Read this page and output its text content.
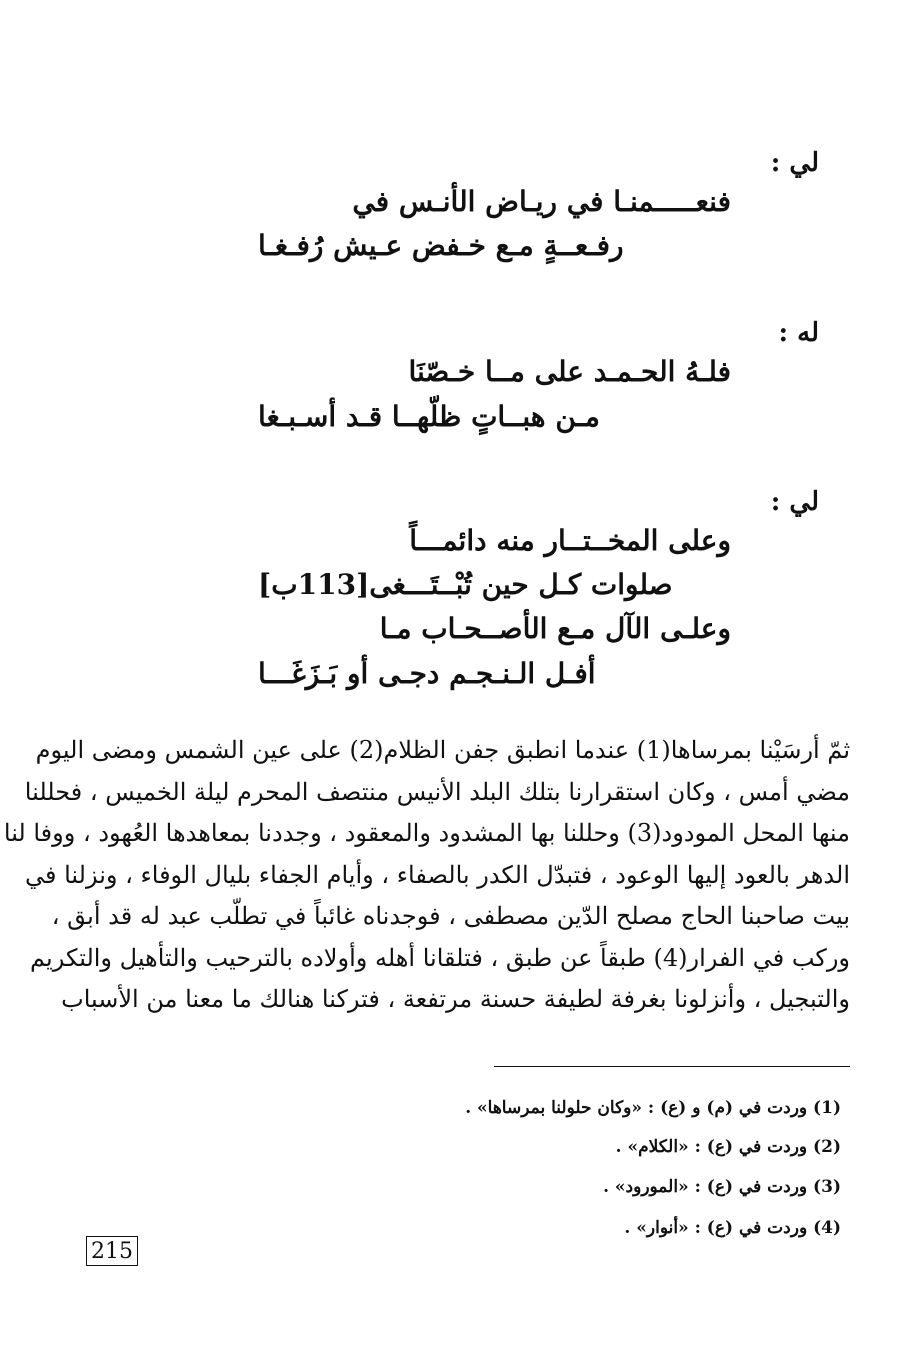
لي :
فنعـــــمنـا في ريـاض الأنـس في
رفـعــةٍ مـع خـفض عـيش رُفـغـا
له :
فلـهُ الحـمـد على مــا خـصّنَا
مـن هبــاتٍ ظلّهــا قـد أسـبـغا
لي :
وعلى المخــتــار منه دائمـــاً
صلوات كـل حين تُبْــتَـــغى[113ب]
وعلـى الآل مـع الأصــحـاب مـا
أفـل الـنـجـم دجـى أو بَـزَغَـــا
ثمّ أرسَيْنا بمرساها(1) عندما انطبق جفن الظلام(2) على عين الشمس ومضى اليوم
مضي أمس ، وكان استقرارنا بتلك البلد الأنيس منتصف المحرم ليلة الخميس ، فحللنا
منها المحل المودود(3) وحللنا بها المشدود والمعقود ، وجددنا بمعاهدها العُهود ، ووفا لنا
الدهر بالعود إليها الوعود ، فتبدّل الكدر بالصفاء ، وأيام الجفاء بليال الوفاء ، ونزلنا في
بيت صاحبنا الحاج مصلح الدّين مصطفى ، فوجدناه غائباً في تطلّب عبد له قد أبق ،
وركب في الفرار(4) طبقاً عن طبق ، فتلقانا أهله وأولاده بالترحيب والتأهيل والتكريم
والتبجيل ، وأنزلونا بغرفة لطيفة حسنة مرتفعة ، فتركنا هنالك ما معنا من الأسباب
(1) وردت في (م) و (ع) : «وكان حلولنا بمرساها» .
(2) وردت في (ع) : «الكلام» .
(3) وردت في (ع) : «المورود» .
(4) وردت في (ع) : «أنوار» .
215
